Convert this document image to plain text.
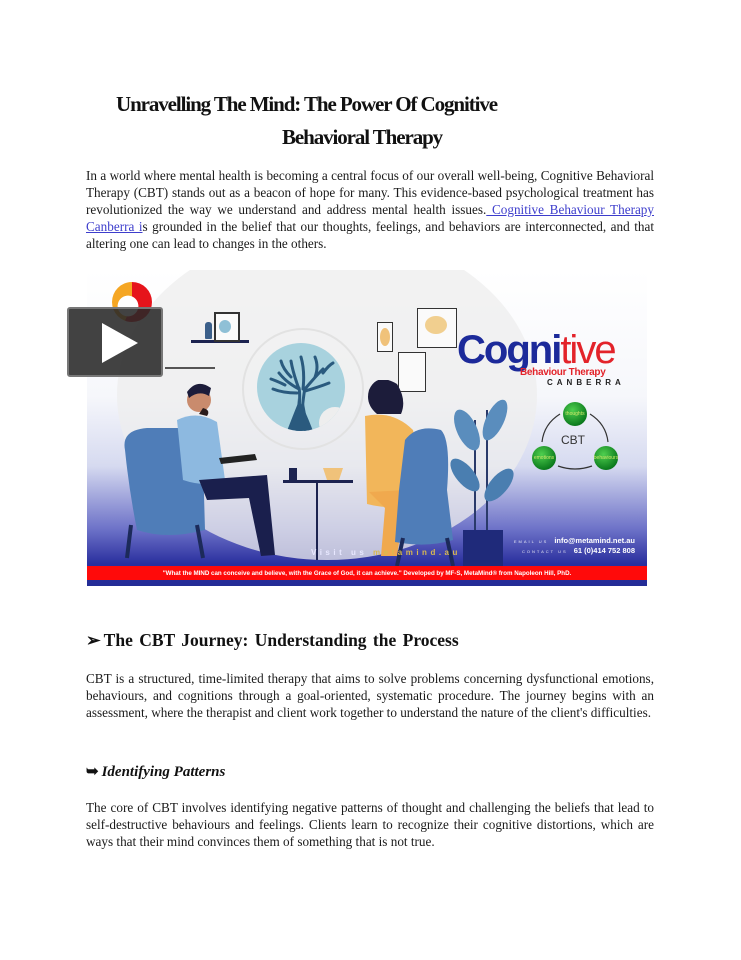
Unravelling The Mind: The Power Of Cognitive
Behavioral Therapy
In a world where mental health is becoming a central focus of our overall well-being, Cognitive Behavioral Therapy (CBT) stands out as a beacon of hope for many. This evidence-based psychological treatment has revolutionized the way we understand and address mental health issues. Cognitive Behaviour Therapy Canberra is grounded in the belief that our thoughts, feelings, and behaviors are interconnected, and that altering one can lead to changes in the others.
Cognitive
Behaviour Therapy
CANBERRA
thoughts
CBT
emotions	behaviours
EMAIL US info@metamind.net.au
CONTACT US 61 (0)414 752 808
Visit us metamind.au
"What the MIND can conceive and believe, with the Grace of God, it can achieve." Developed by MF-S, MetaMind® from Napoleon Hill, PhD.
➢ The CBT Journey: Understanding the Process
CBT is a structured, time-limited therapy that aims to solve problems concerning dysfunctional emotions, behaviours, and cognitions through a goal-oriented, systematic procedure. The journey begins with an assessment, where the therapist and client work together to understand the nature of the client's difficulties.
➥ Identifying Patterns
The core of CBT involves identifying negative patterns of thought and challenging the beliefs that lead to self-destructive behaviours and feelings. Clients learn to recognize their cognitive distortions, which are ways that their mind convinces them of something that is not true.
